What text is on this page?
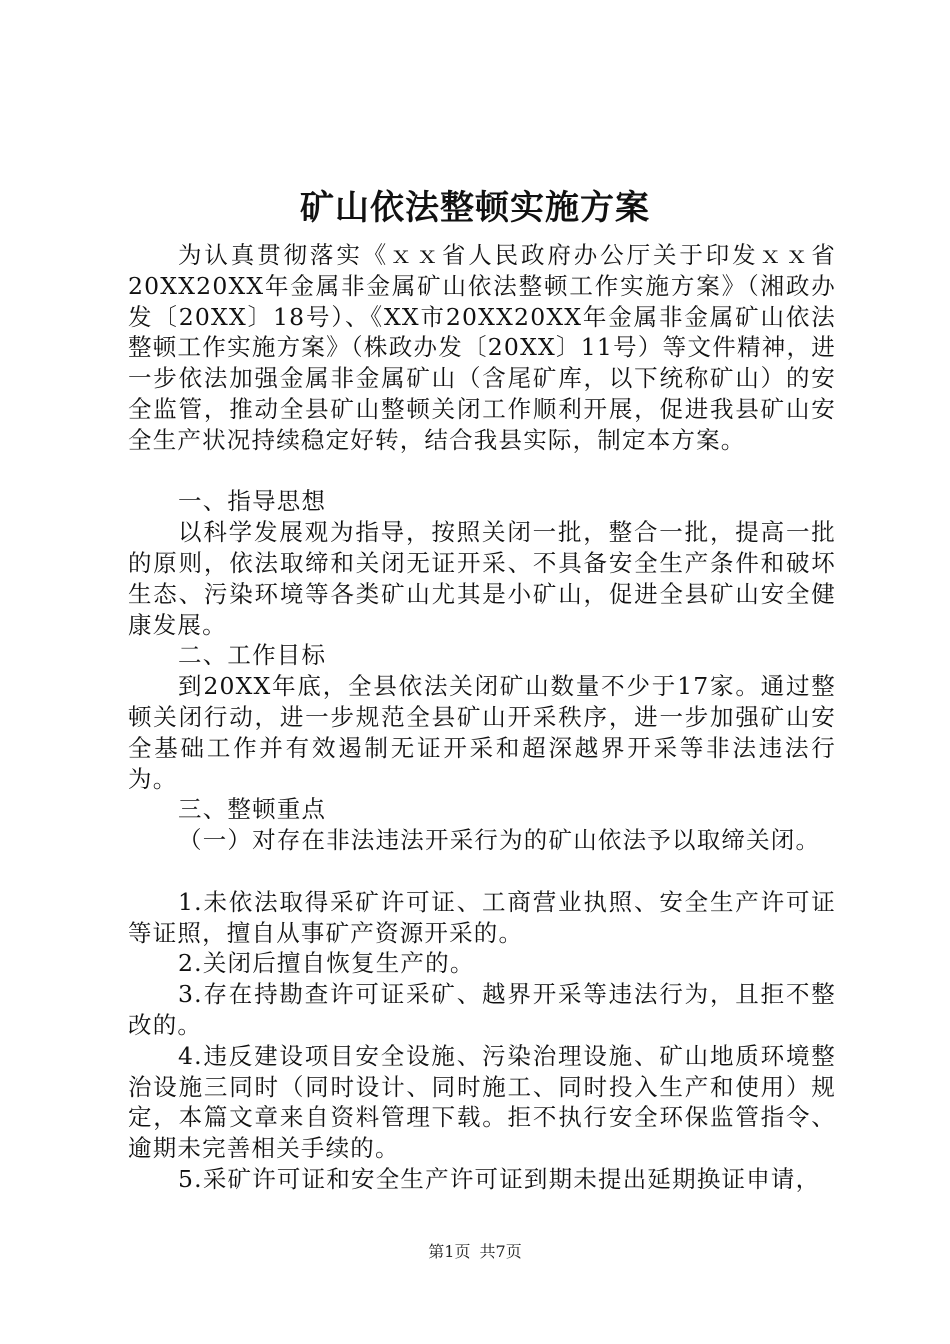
矿山依法整顿实施方案

为认真贯彻落实《ｘｘ省人民政府办公厅关于印发ｘｘ省20XX20XX年金属非金属矿山依法整顿工作实施方案》（湘政办发〔20XX〕18号）、《XX市20XX20XX年金属非金属矿山依法整顿工作实施方案》（株政办发〔20XX〕11号）等文件精神，进一步依法加强金属非金属矿山（含尾矿库，以下统称矿山）的安全监管，推动全县矿山整顿关闭工作顺利开展，促进我县矿山安全生产状况持续稳定好转，结合我县实际，制定本方案。

一、指导思想

以科学发展观为指导，按照关闭一批，整合一批，提高一批的原则，依法取缔和关闭无证开采、不具备安全生产条件和破坏生态、污染环境等各类矿山尤其是小矿山，促进全县矿山安全健康发展。

二、工作目标

到20XX年底，全县依法关闭矿山数量不少于17家。通过整顿关闭行动，进一步规范全县矿山开采秩序，进一步加强矿山安全基础工作并有效遏制无证开采和超深越界开采等非法违法行为。

三、整顿重点

（一）对存在非法违法开采行为的矿山依法予以取缔关闭。

1.未依法取得采矿许可证、工商营业执照、安全生产许可证等证照，擅自从事矿产资源开采的。

2.关闭后擅自恢复生产的。

3.存在持勘查许可证采矿、越界开采等违法行为，且拒不整改的。

4.违反建设项目安全设施、污染治理设施、矿山地质环境整治设施三同时（同时设计、同时施工、同时投入生产和使用）规定，本篇文章来自资料管理下载。拒不执行安全环保监管指令、逾期未完善相关手续的。

5.采矿许可证和安全生产许可证到期未提出延期换证申请，

第1页 共7页
